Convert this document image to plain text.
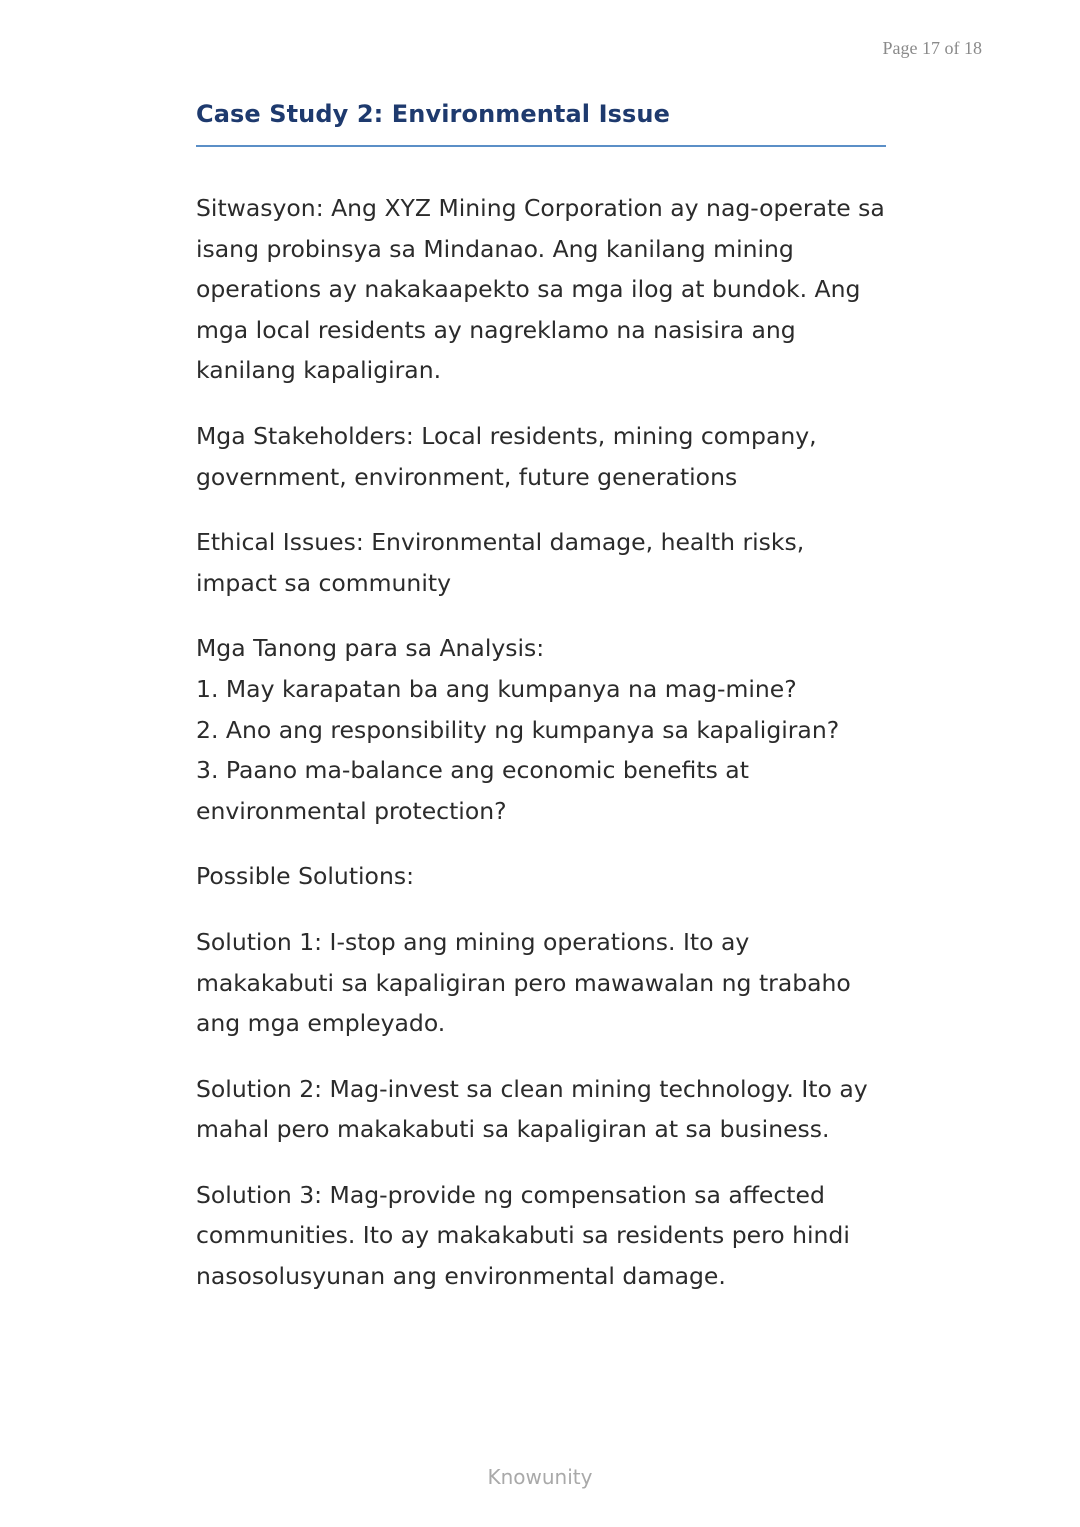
Page 17 of 18
Case Study 2: Environmental Issue

Sitwasyon: Ang XYZ Mining Corporation ay nag-operate sa isang probinsya sa Mindanao. Ang kanilang mining operations ay nakakaapekto sa mga ilog at bundok. Ang mga local residents ay nagreklamo na nasisira ang kanilang kapaligiran.

Mga Stakeholders: Local residents, mining company, government, environment, future generations

Ethical Issues: Environmental damage, health risks, impact sa community

Mga Tanong para sa Analysis:
1. May karapatan ba ang kumpanya na mag-mine?
2. Ano ang responsibility ng kumpanya sa kapaligiran?
3. Paano ma-balance ang economic benefits at environmental protection?

Possible Solutions:

Solution 1: I-stop ang mining operations. Ito ay makakabuti sa kapaligiran pero mawawalan ng trabaho ang mga empleyado.

Solution 2: Mag-invest sa clean mining technology. Ito ay mahal pero makakabuti sa kapaligiran at sa business.

Solution 3: Mag-provide ng compensation sa affected communities. Ito ay makakabuti sa residents pero hindi nasosolusyunan ang environmental damage.

Knowunity
